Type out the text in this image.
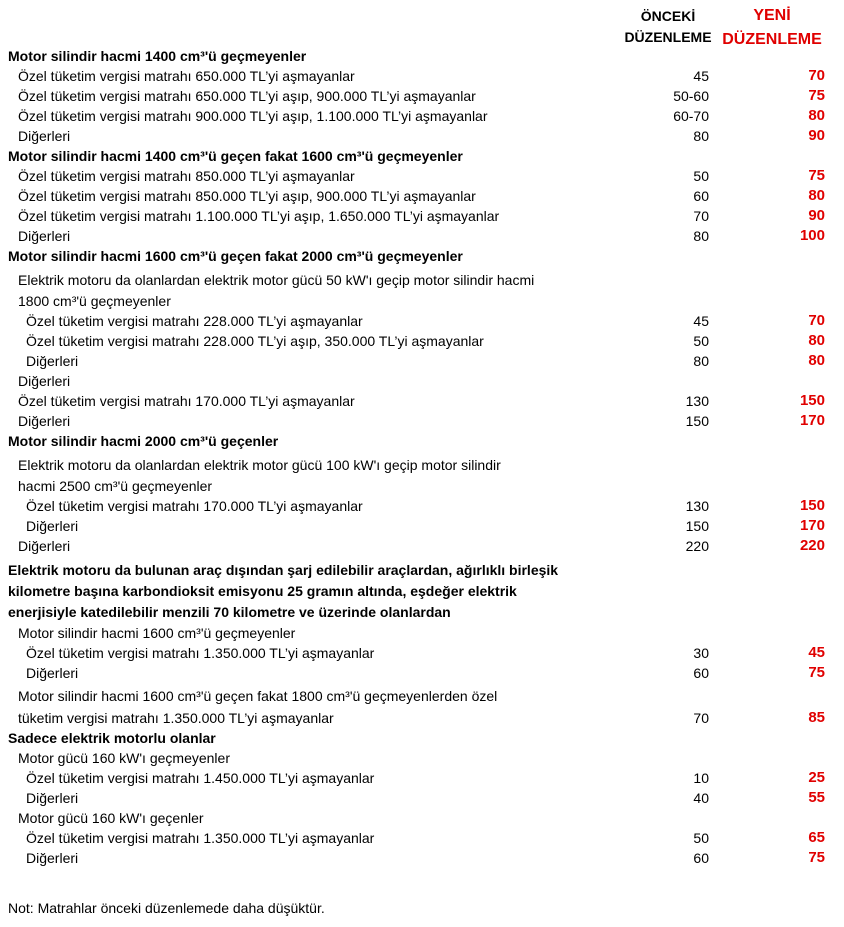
ÖNCEKİ
DÜZENLEME
YENİ
DÜZENLEME
Motor silindir hacmi 1400 cm³'ü geçmeyenler
Özel tüketim vergisi matrahı 650.000 TL’yi aşmayanlar	45	70
Özel tüketim vergisi matrahı 650.000 TL’yi aşıp, 900.000 TL’yi aşmayanlar	50-60	75
Özel tüketim vergisi matrahı 900.000 TL’yi aşıp, 1.100.000 TL’yi aşmayanlar	60-70	80
Diğerleri	80	90
Motor silindir hacmi 1400 cm³'ü geçen fakat 1600 cm³'ü geçmeyenler
Özel tüketim vergisi matrahı 850.000 TL’yi aşmayanlar	50	75
Özel tüketim vergisi matrahı 850.000 TL’yi aşıp, 900.000 TL’yi aşmayanlar	60	80
Özel tüketim vergisi matrahı 1.100.000 TL’yi aşıp, 1.650.000 TL’yi aşmayanlar	70	90
Diğerleri	80	100
Motor silindir hacmi 1600 cm³'ü geçen fakat 2000 cm³'ü geçmeyenler
Elektrik motoru da olanlardan elektrik motor gücü 50 kW'ı geçip motor silindir hacmi
1800 cm³'ü geçmeyenler
Özel tüketim vergisi matrahı 228.000 TL’yi aşmayanlar	45	70
Özel tüketim vergisi matrahı 228.000 TL’yi aşıp, 350.000 TL’yi aşmayanlar	50	80
Diğerleri	80	80
Diğerleri
Özel tüketim vergisi matrahı 170.000 TL’yi aşmayanlar	130	150
Diğerleri	150	170
Motor silindir hacmi 2000 cm³'ü geçenler
Elektrik motoru da olanlardan elektrik motor gücü 100 kW'ı geçip motor silindir
hacmi 2500 cm³'ü geçmeyenler
Özel tüketim vergisi matrahı 170.000 TL’yi aşmayanlar	130	150
Diğerleri	150	170
Diğerleri	220	220
Elektrik motoru da bulunan araç dışından şarj edilebilir araçlardan, ağırlıklı birleşik
kilometre başına karbondioksit emisyonu 25 gramın altında, eşdeğer elektrik
enerjisiyle katedilebilir menzili 70 kilometre ve üzerinde olanlardan
Motor silindir hacmi 1600 cm³'ü geçmeyenler
Özel tüketim vergisi matrahı 1.350.000 TL’yi aşmayanlar	30	45
Diğerleri	60	75
Motor silindir hacmi 1600 cm³'ü geçen fakat 1800 cm³'ü geçmeyenlerden özel
tüketim vergisi matrahı 1.350.000 TL’yi aşmayanlar	70	85
Sadece elektrik motorlu olanlar
Motor gücü 160 kW'ı geçmeyenler
Özel tüketim vergisi matrahı 1.450.000 TL’yi aşmayanlar	10	25
Diğerleri	40	55
Motor gücü 160 kW'ı geçenler
Özel tüketim vergisi matrahı 1.350.000 TL’yi aşmayanlar	50	65
Diğerleri	60	75
Not: Matrahlar önceki düzenlemede daha düşüktür.
